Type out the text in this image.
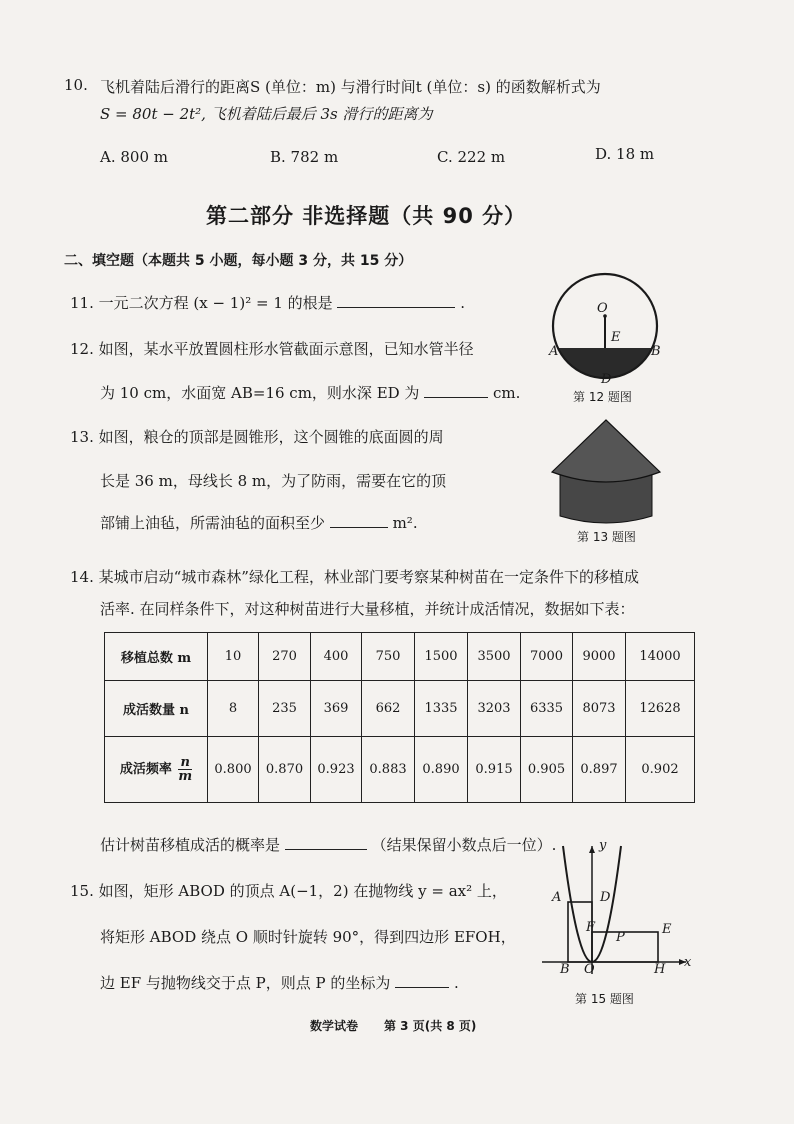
10. 飞机着陆后滑行的距离S (单位：m) 与滑行时间t (单位：s) 的函数解析式为
S = 80t − 2t², 飞机着陆后最后 3s 滑行的距离为
A. 800 m	B. 782 m	C. 222 m	D. 18 m
第二部分 非选择题（共 90 分）
二、填空题（本题共 5 小题，每小题 3 分，共 15 分）
11. 一元二次方程 (x − 1)² = 1 的根是	.
12. 如图，某水平放置圆柱形水管截面示意图，已知水管半径
为 10 cm，水面宽 AB=16 cm，则水深 ED 为	cm.
O
E
A	B
D
第 12 题图
13. 如图，粮仓的顶部是圆锥形，这个圆锥的底面圆的周
长是 36 m，母线长 8 m，为了防雨，需要在它的顶
部铺上油毡，所需油毡的面积至少	m².
第 13 题图
14. 某城市启动“城市森林”绿化工程，林业部门要考察某种树苗在一定条件下的移植成
活率. 在同样条件下，对这种树苗进行大量移植，并统计成活情况，数据如下表：
移植总数 m	10	270	400	750	1500	3500	7000	9000	14000
成活数量 n	8	235	369	662	1335	3203	6335	8073	12628
成活频率 $\frac{n}{m}$	0.800	0.870	0.923	0.883	0.890	0.915	0.905	0.897	0.902
估计树苗移植成活的概率是	（结果保留小数点后一位）.
15. 如图，矩形 ABOD 的顶点 A(−1，2) 在抛物线 y = ax² 上，
将矩形 ABOD 绕点 O 顺时针旋转 90°，得到四边形 EFOH，
边 EF 与抛物线交于点 P，则点 P 的坐标为	.
y
x
A	D
F
P
E
B O	H
第 15 题图
数学试卷 第 3 页(共 8 页)
